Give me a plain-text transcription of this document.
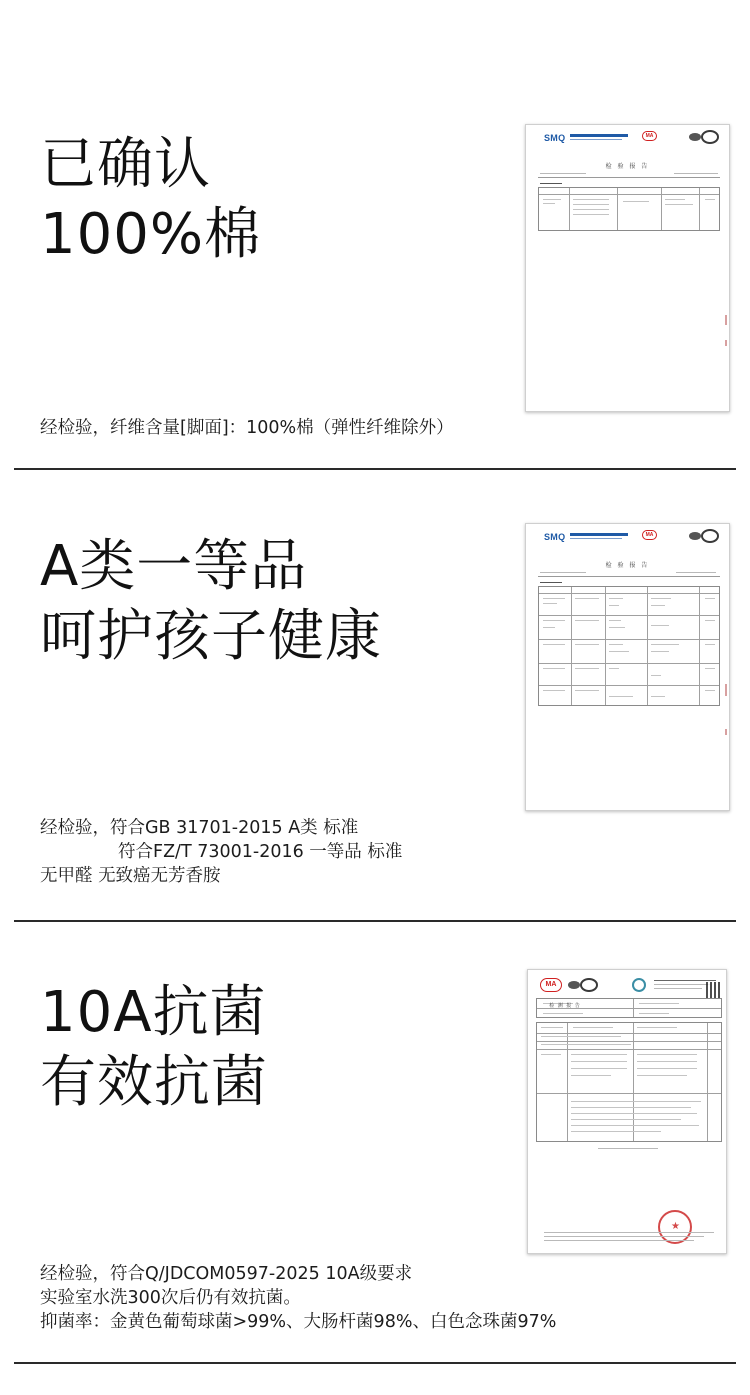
已确认
100%棉
SMQ	MA
检 验 报 告
经检验，纤维含量[脚面]：100%棉（弹性纤维除外）
A类一等品
呵护孩子健康
SMQ	MA
检 验 报 告
经检验，符合GB 31701-2015 A类 标准
符合FZ/T 73001-2016 一等品 标准
无甲醛 无致癌无芳香胺
10A抗菌
有效抗菌
MA
检 测 报 告
★
经检验，符合Q/JDCOM0597-2025 10A级要求
实验室水洗300次后仍有效抗菌。
抑菌率：金黄色葡萄球菌>99%、大肠杆菌98%、白色念珠菌97%
